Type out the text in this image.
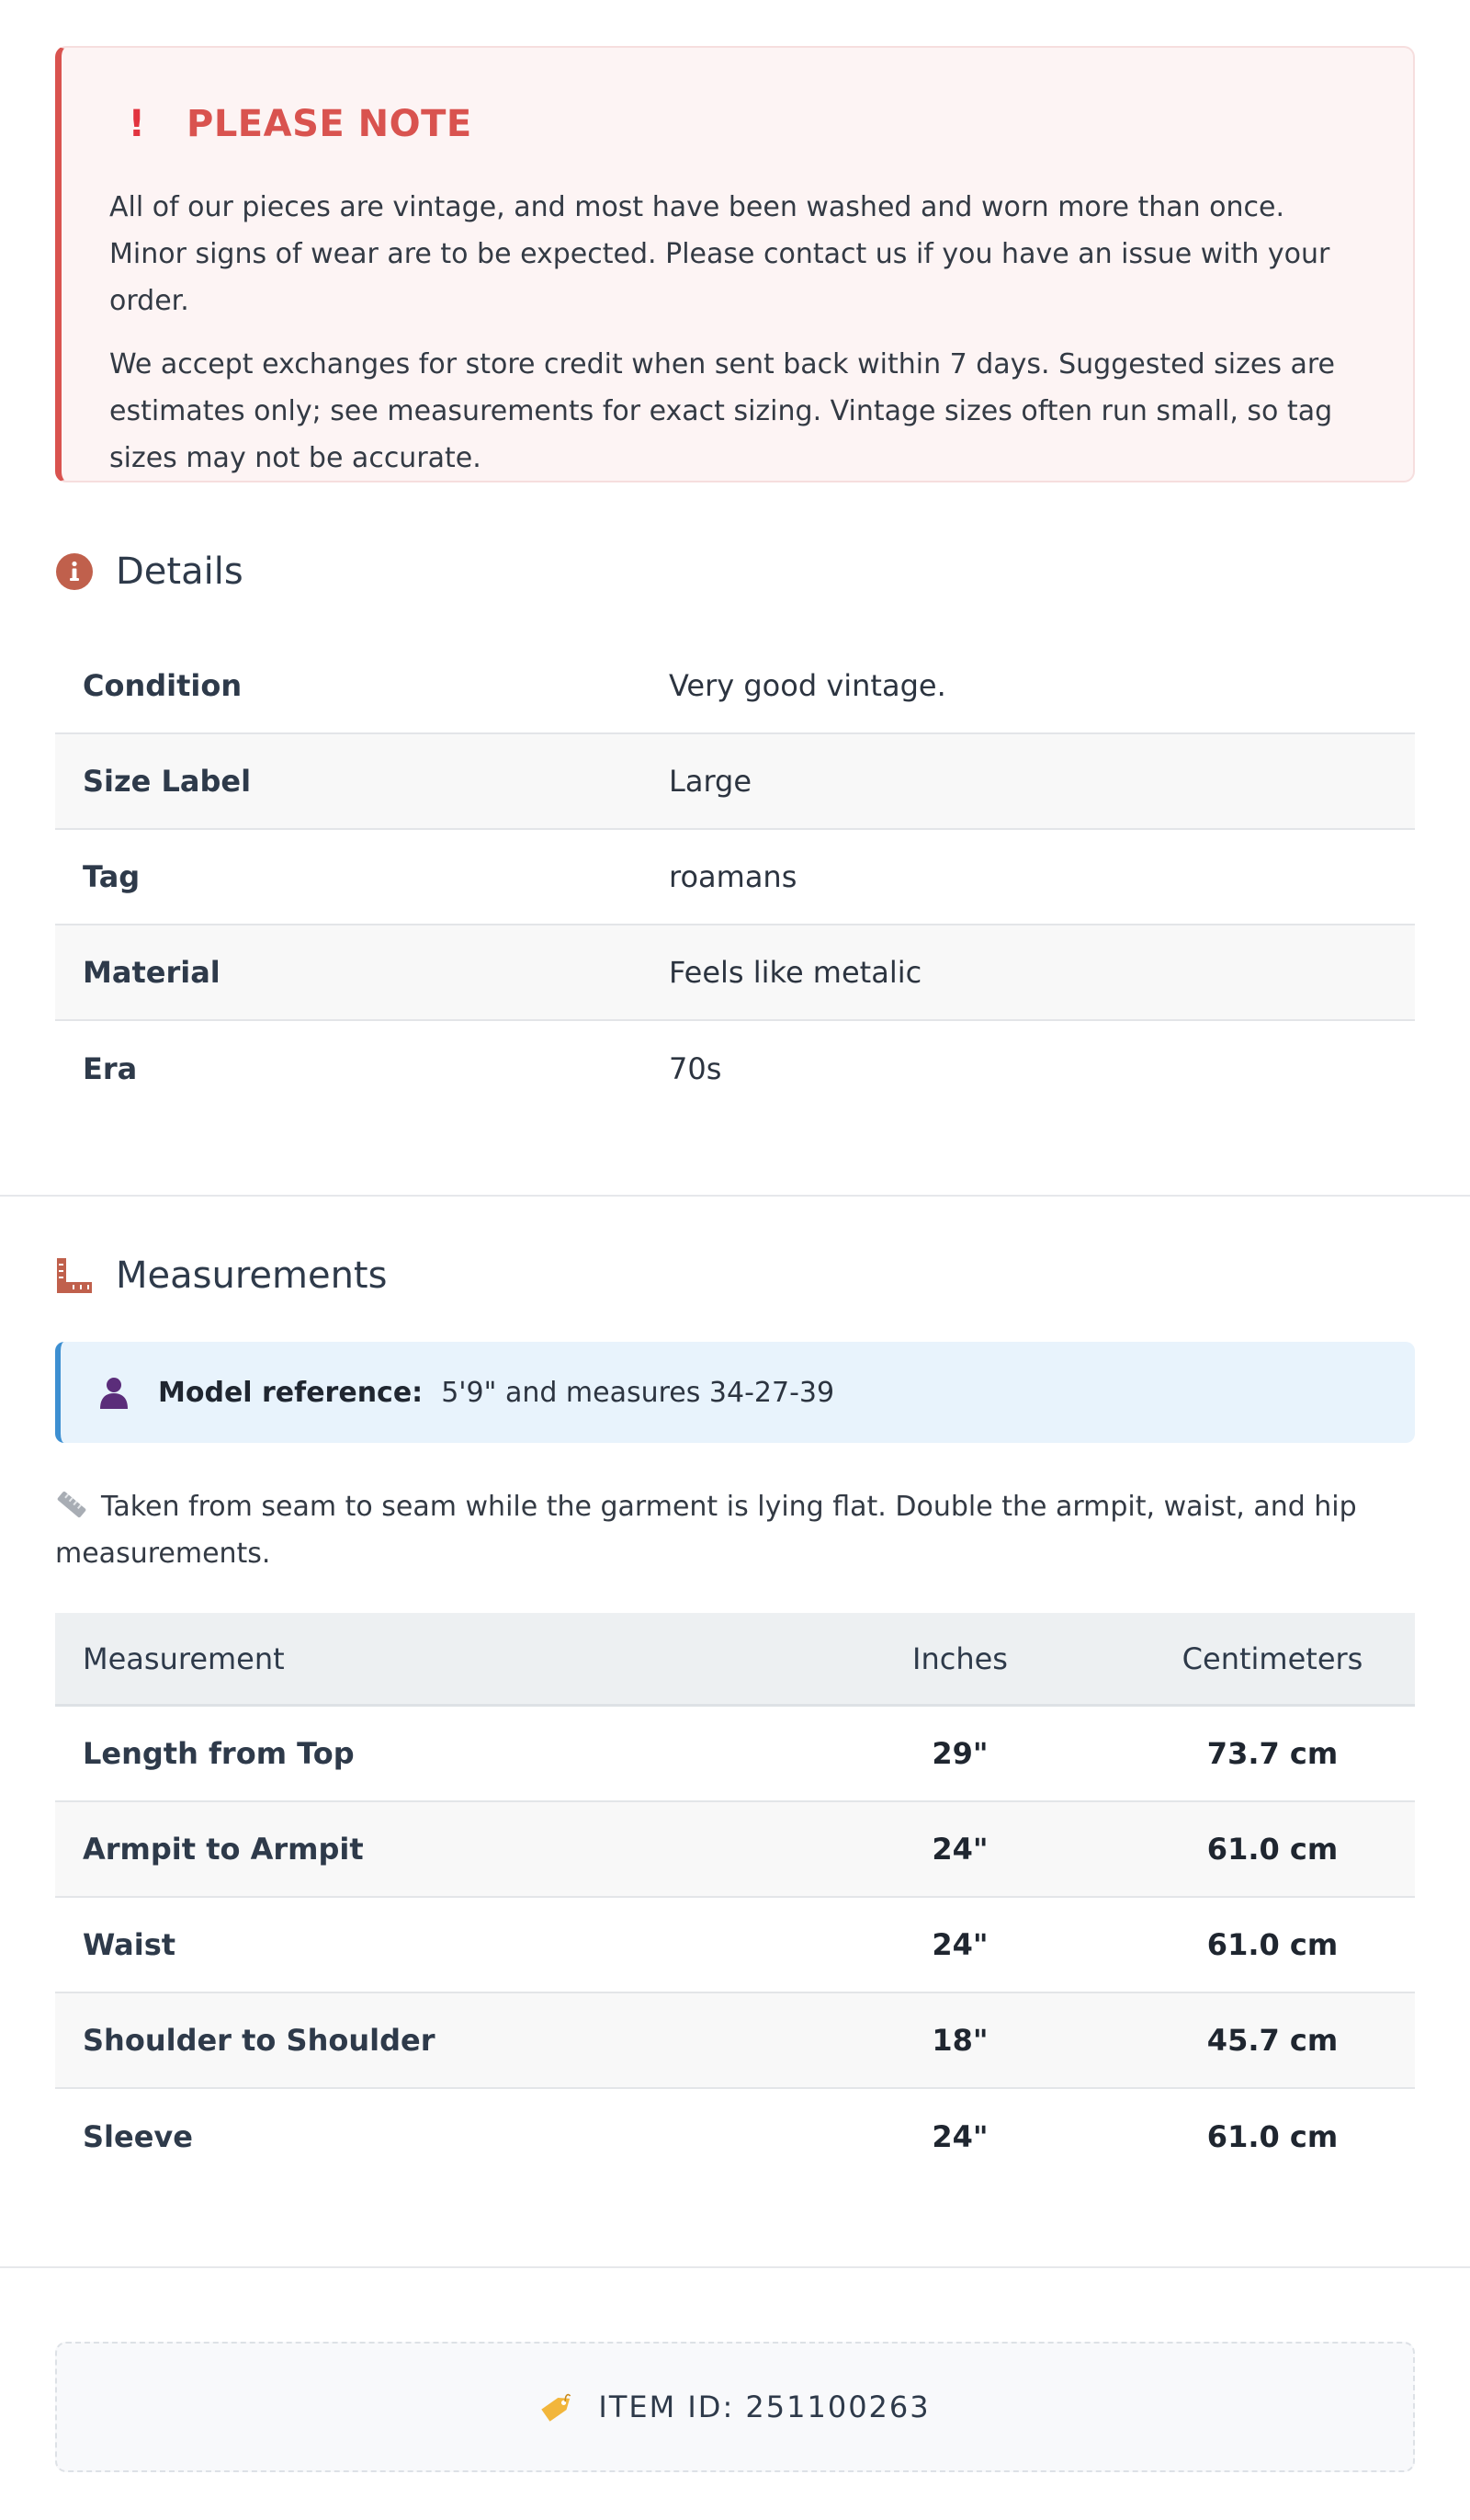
!	PLEASE NOTE

All of our pieces are vintage, and most have been washed and worn more than once. Minor signs of wear are to be expected. Please contact us if you have an issue with your order.

We accept exchanges for store credit when sent back within 7 days. Suggested sizes are estimates only; see measurements for exact sizing. Vintage sizes often run small, so tag sizes may not be accurate.

Details
Condition	Very good vintage.
Size Label	Large
Tag	roamans
Material	Feels like metalic
Era	70s
Measurements
Model reference: 5'9" and measures 34-27-39
Taken from seam to seam while the garment is lying flat. Double the armpit, waist, and hip measurements.
Measurement	Inches	Centimeters
Length from Top	29"	73.7 cm
Armpit to Armpit	24"	61.0 cm
Waist	24"	61.0 cm
Shoulder to Shoulder	18"	45.7 cm
Sleeve	24"	61.0 cm
ITEM ID: 251100263
